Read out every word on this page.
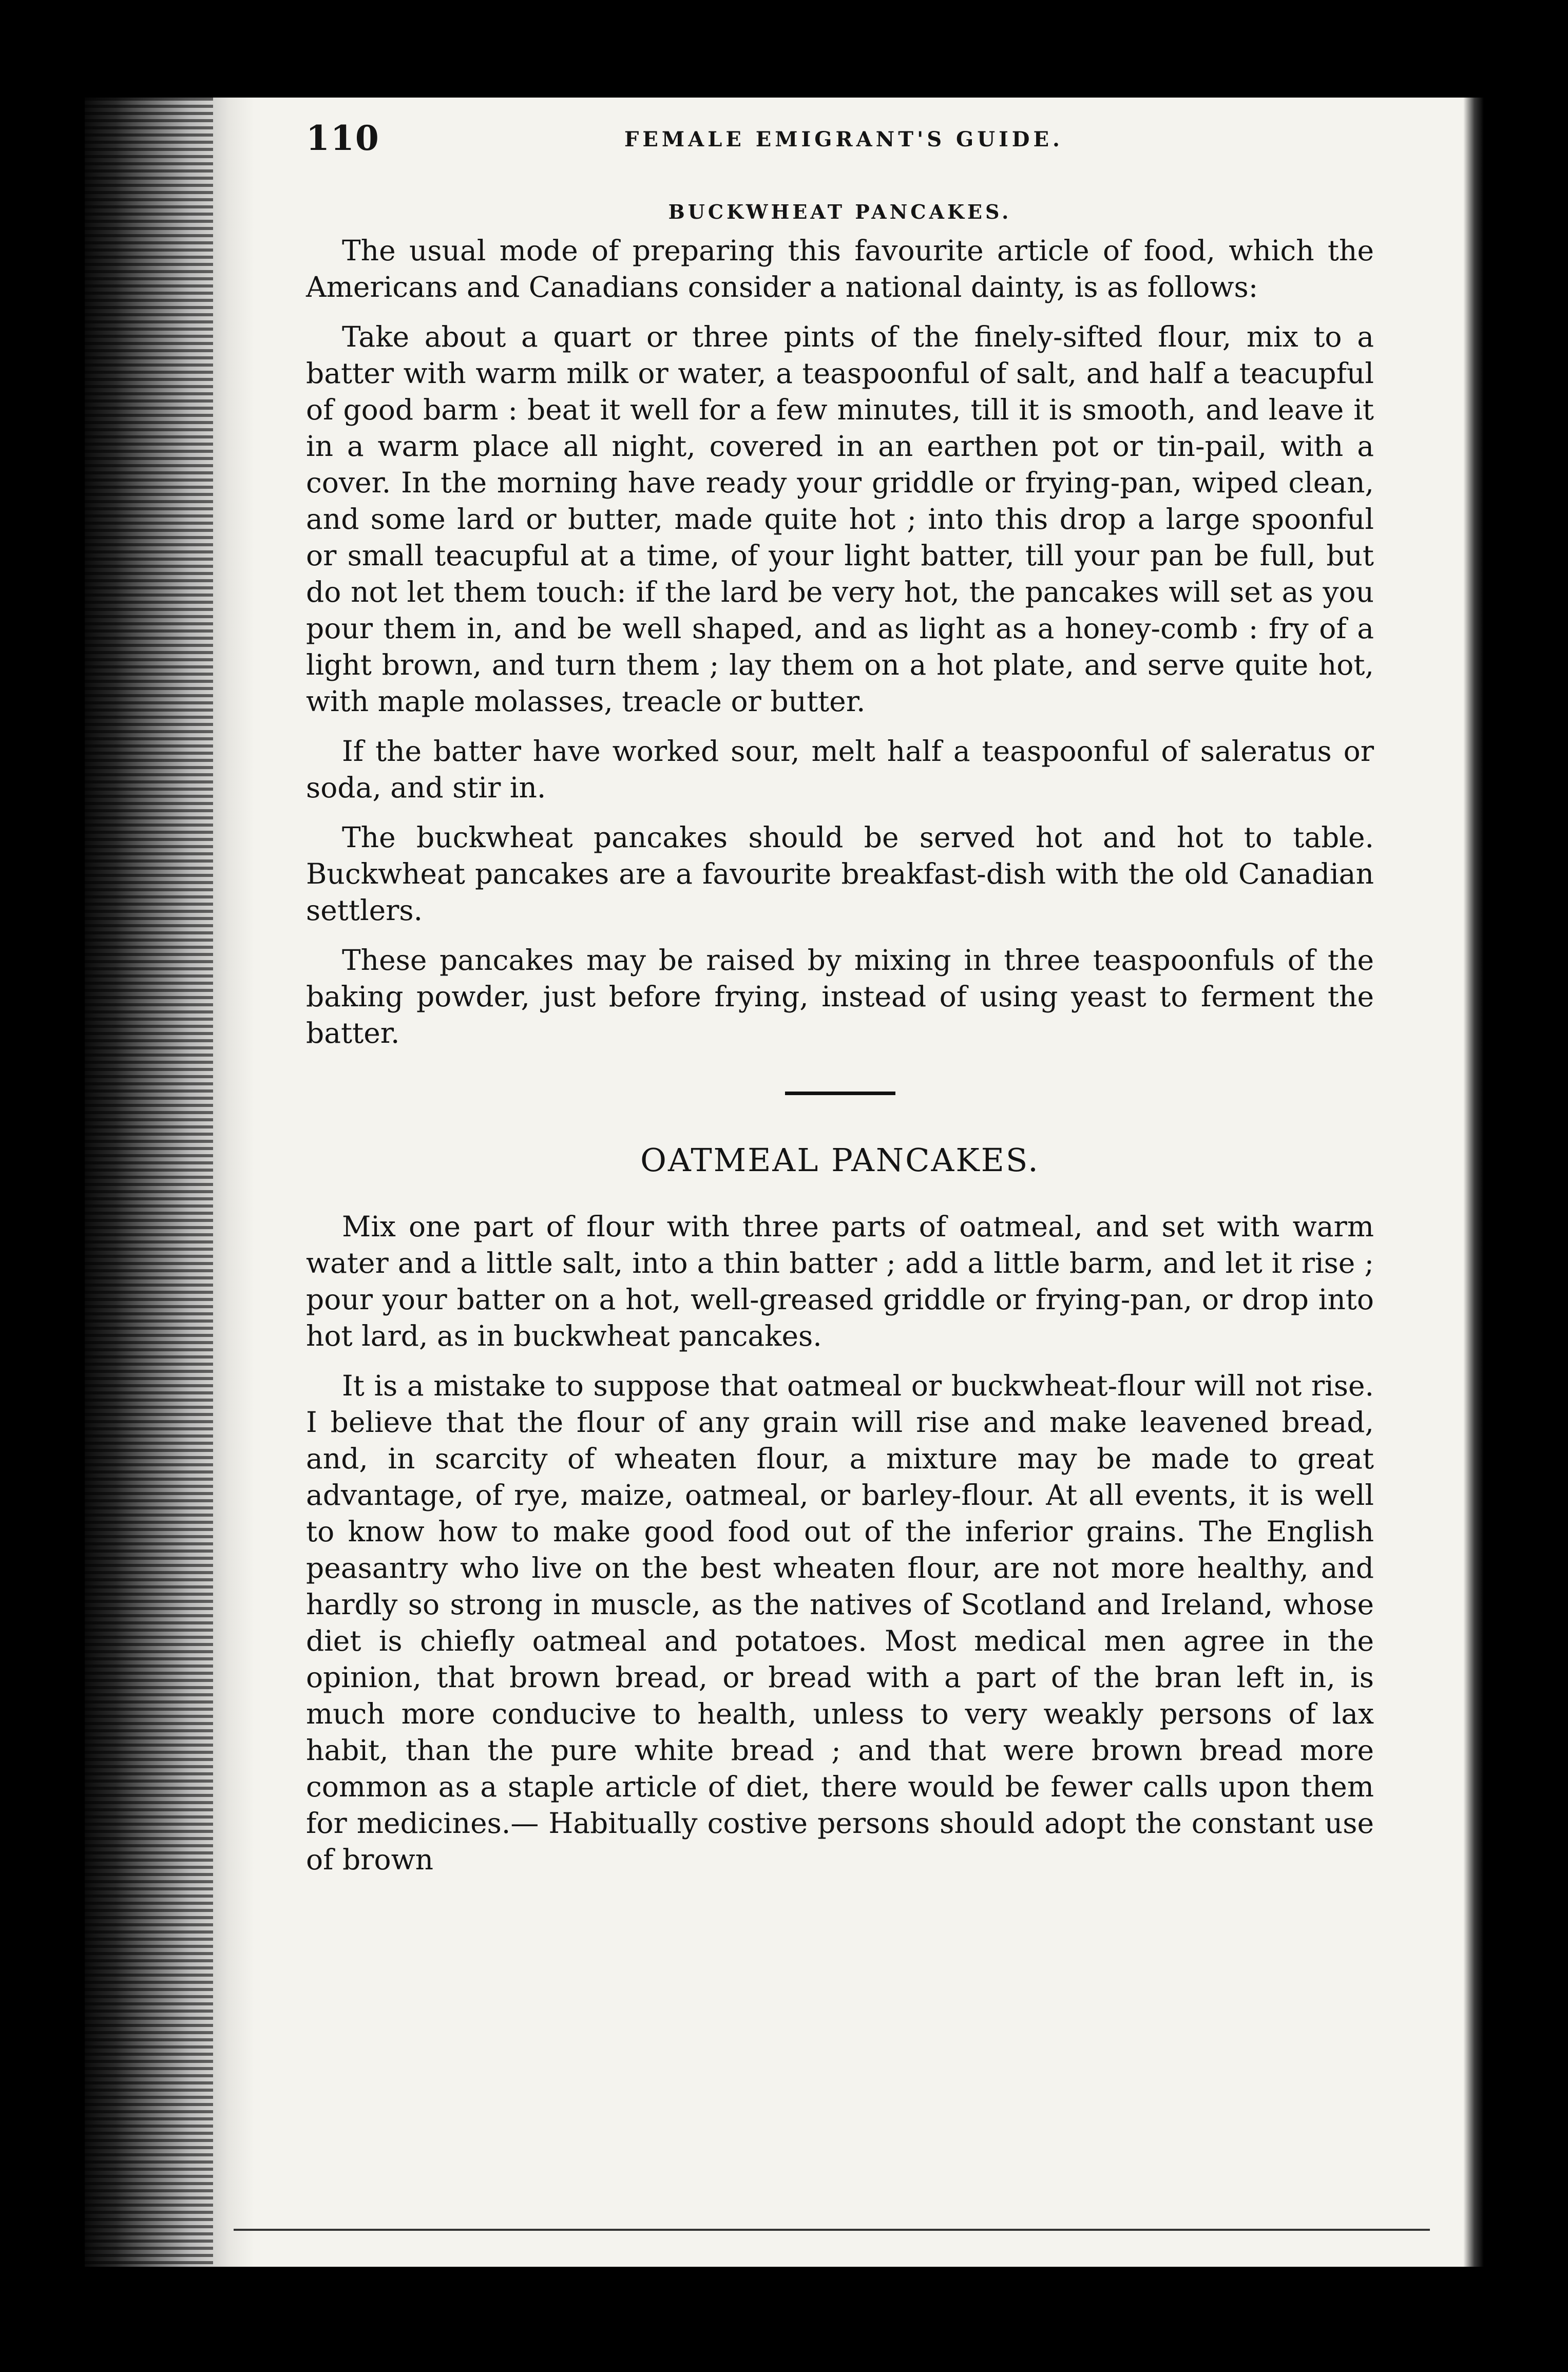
110	FEMALE EMIGRANT'S GUIDE.
BUCKWHEAT PANCAKES.

The usual mode of preparing this favourite article of food, which the Americans and Canadians consider a national dainty, is as follows:

Take about a quart or three pints of the finely-sifted flour, mix to a batter with warm milk or water, a teaspoonful of salt, and half a teacupful of good barm : beat it well for a few minutes, till it is smooth, and leave it in a warm place all night, covered in an earthen pot or tin-pail, with a cover. In the morning have ready your griddle or frying-pan, wiped clean, and some lard or butter, made quite hot ; into this drop a large spoonful or small teacupful at a time, of your light batter, till your pan be full, but do not let them touch: if the lard be very hot, the pancakes will set as you pour them in, and be well shaped, and as light as a honey-comb : fry of a light brown, and turn them ; lay them on a hot plate, and serve quite hot, with maple molasses, treacle or butter.

If the batter have worked sour, melt half a teaspoonful of saleratus or soda, and stir in.

The buckwheat pancakes should be served hot and hot to table. Buckwheat pancakes are a favourite breakfast-dish with the old Canadian settlers.

These pancakes may be raised by mixing in three teaspoonfuls of the baking powder, just before frying, instead of using yeast to ferment the batter.

OATMEAL PANCAKES.

Mix one part of flour with three parts of oatmeal, and set with warm water and a little salt, into a thin batter ; add a little barm, and let it rise ; pour your batter on a hot, well-greased griddle or frying-pan, or drop into hot lard, as in buckwheat pancakes.

It is a mistake to suppose that oatmeal or buckwheat-flour will not rise. I believe that the flour of any grain will rise and make leavened bread, and, in scarcity of wheaten flour, a mixture may be made to great advantage, of rye, maize, oatmeal, or barley-flour. At all events, it is well to know how to make good food out of the inferior grains. The English peasantry who live on the best wheaten flour, are not more healthy, and hardly so strong in muscle, as the natives of Scotland and Ireland, whose diet is chiefly oatmeal and potatoes. Most medical men agree in the opinion, that brown bread, or bread with a part of the bran left in, is much more conducive to health, unless to very weakly persons of lax habit, than the pure white bread ; and that were brown bread more common as a staple article of diet, there would be fewer calls upon them for medicines.— Habitually costive persons should adopt the constant use of brown
